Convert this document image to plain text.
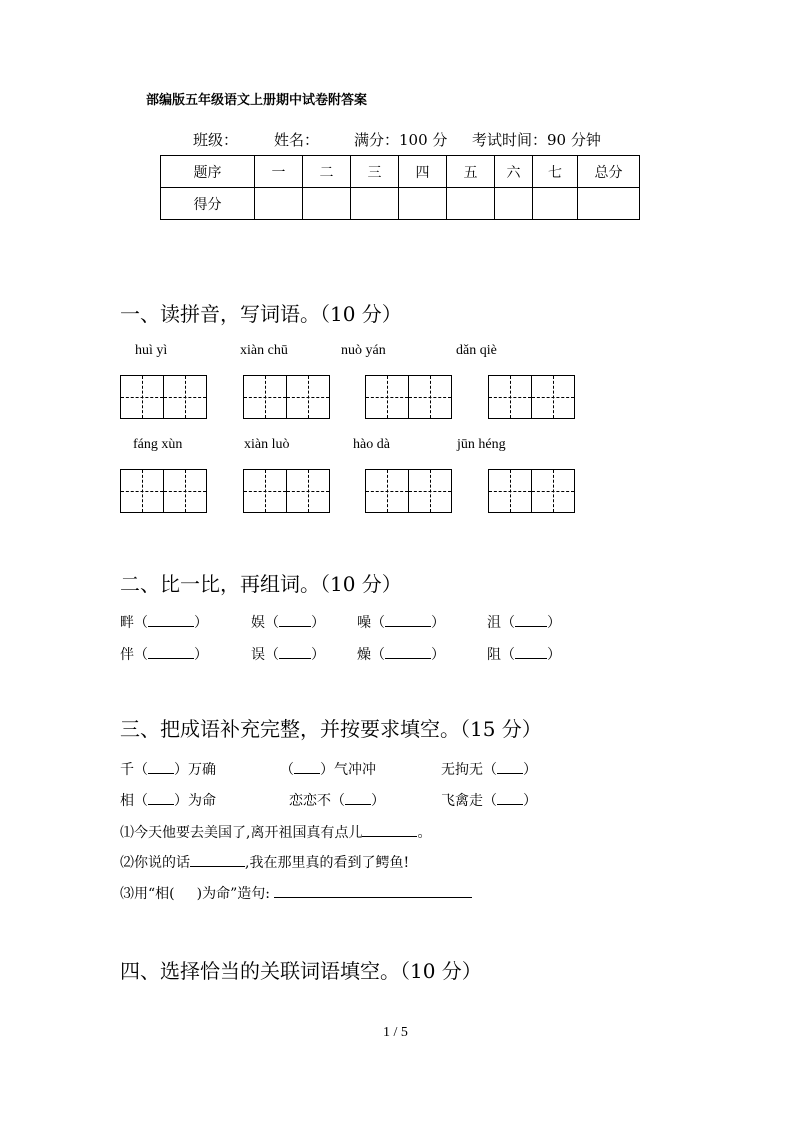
部编版五年级语文上册期中试卷附答案
班级： 姓名： 满分：100 分 考试时间：90 分钟
题序	一	二	三	四	五	六	七	总分
得分								
一、读拼音，写词语。（10 分）
huì yì	xiàn chū	nuò yán	dǎn qiè
fáng xùn	xiàn luò	hào dà	jūn héng
二、比一比，再组词。（10 分）
畔（	）	娱（ ） 噪（	）	沮（ ）
伴（	）	误（ ） 燥（	）	阻（ ）
三、把成语补充完整，并按要求填空。（15 分）
千（ ）万确	（ ）气冲冲	无拘无（ ）
相（ ）为命	恋恋不（ ）	飞禽走（ ）
⑴今天他要去美国了,离开祖国真有点儿	。
⑵你说的话	,我在那里真的看到了鳄鱼!
⑶用“相( )为命”造句:
四、选择恰当的关联词语填空。（10 分）
1 / 5
